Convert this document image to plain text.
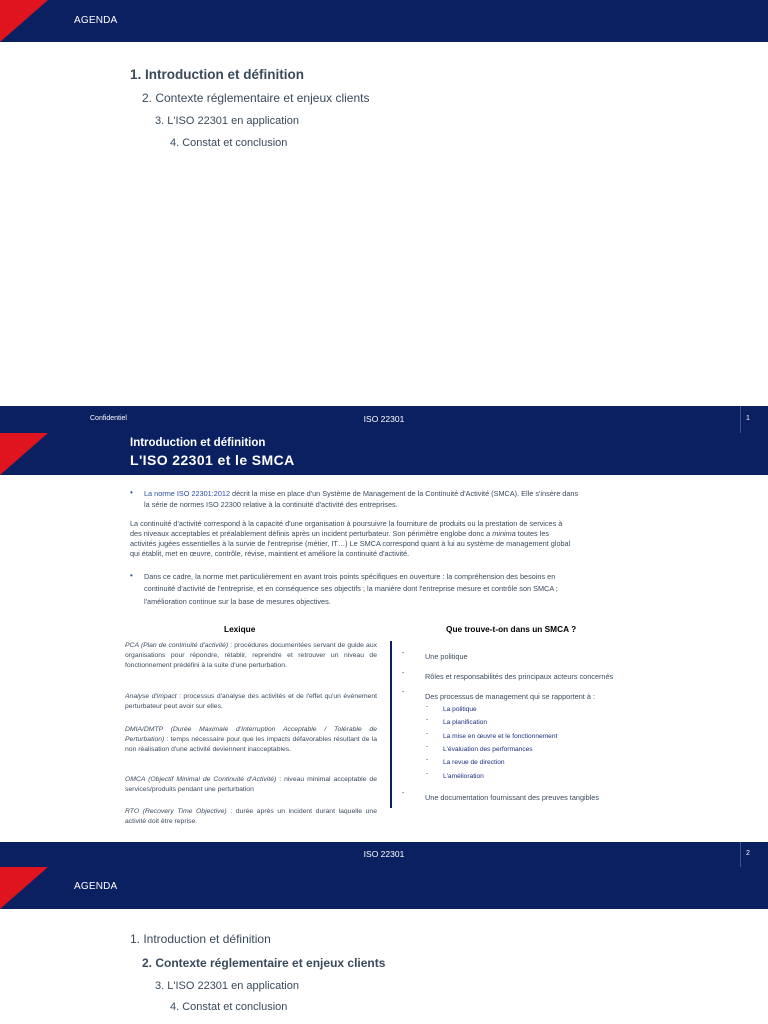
AGENDA
1. Introduction et définition
2. Contexte réglementaire et enjeux clients
3. L'ISO 22301 en application
4. Constat et conclusion
Confidentiel	ISO 22301	1
Introduction et définition
L'ISO 22301 et le SMCA
• La norme ISO 22301:2012 décrit la mise en place d'un Système de Management de la Continuité d'Activité (SMCA). Elle s'insère dans
la série de normes ISO 22300 relative à la continuité d'activité des entreprises.
La continuité d'activité correspond à la capacité d'une organisation à poursuivre la fourniture de produits ou la prestation de services à
des niveaux acceptables et préalablement définis après un incident perturbateur. Son périmètre englobe donc a minima toutes les
activités jugées essentielles à la survie de l'entreprise (métier, IT…) Le SMCA correspond quant à lui au système de management global
qui établit, met en œuvre, contrôle, révise, maintient et améliore la continuité d'activité.
• Dans ce cadre, la norme met particulièrement en avant trois points spécifiques en ouverture : la compréhension des besoins en
continuité d'activité de l'entreprise, et en conséquence ses objectifs ; la manière dont l'entreprise mesure et contrôle son SMCA ;
l'amélioration continue sur la base de mesures objectives.
Lexique
PCA (Plan de continuité d'activité) : procédures documentées servant de guide aux organisations pour répondre, rétablir, reprendre et retrouver un niveau de fonctionnement prédéfini à la suite d'une perturbation.
Analyse d'impact : processus d'analyse des activités et de l'effet qu'un événement perturbateur peut avoir sur elles.
DMIA/DMTP (Durée Maximale d'Interruption Acceptable / Tolérable de Perturbation) : temps nécessaire pour que les impacts défavorables résultant de la non réalisation d'une activité deviennent inacceptables.
OMCA (Objectif Minimal de Continuité d'Activité) : niveau minimal acceptable de services/produits pendant une perturbation
RTO (Recovery Time Objective) : durée après un incident durant laquelle une activité doit être reprise.
Que trouve-t-on dans un SMCA ?
-	Une politique
-	Rôles et responsabilités des principaux acteurs concernés
-	Des processus de management qui se rapportent à :
- La politique
- La planification
- La mise en œuvre et le fonctionnement
- L'évaluation des performances
- La revue de direction
- L'amélioration
-	Une documentation fournissant des preuves tangibles
ISO 22301	2
AGENDA
1. Introduction et définition
2. Contexte réglementaire et enjeux clients
3. L'ISO 22301 en application
4. Constat et conclusion
